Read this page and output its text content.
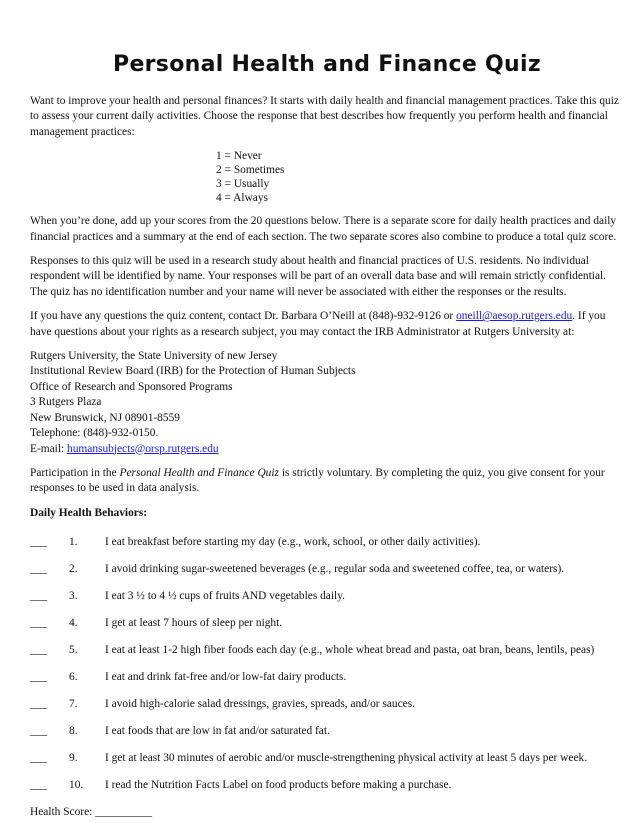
Personal Health and Finance Quiz

Want to improve your health and personal finances? It starts with daily health and financial management practices. Take this quiz to assess your current daily activities. Choose the response that best describes how frequently you perform health and financial management practices:

1 = Never
2 = Sometimes
3 = Usually
4 = Always

When you’re done, add up your scores from the 20 questions below. There is a separate score for daily health practices and daily financial practices and a summary at the end of each section. The two separate scores also combine to produce a total quiz score.

Responses to this quiz will be used in a research study about health and financial practices of U.S. residents. No individual respondent will be identified by name. Your responses will be part of an overall data base and will remain strictly confidential. The quiz has no identification number and your name will never be associated with either the responses or the results.

If you have any questions the quiz content, contact Dr. Barbara O’Neill at (848)-932-9126 or oneill@aesop.rutgers.edu. If you have questions about your rights as a research subject, you may contact the IRB Administrator at Rutgers University at:

Rutgers University, the State University of new Jersey
Institutional Review Board (IRB) for the Protection of Human Subjects
Office of Research and Sponsored Programs
3 Rutgers Plaza
New Brunswick, NJ 08901-8559
Telephone: (848)-932-0150.
E-mail: humansubjects@orsp.rutgers.edu

Participation in the Personal Health and Finance Quiz is strictly voluntary. By completing the quiz, you give consent for your responses to be used in data analysis.

Daily Health Behaviors:
___	1.	I eat breakfast before starting my day (e.g., work, school, or other daily activities).
___	2.	I avoid drinking sugar-sweetened beverages (e.g., regular soda and sweetened coffee, tea, or waters).
___	3.	I eat 3 ½ to 4 ½ cups of fruits AND vegetables daily.
___	4.	I get at least 7 hours of sleep per night.
___	5.	I eat at least 1-2 high fiber foods each day (e.g., whole wheat bread and pasta, oat bran, beans, lentils, peas)
___	6.	I eat and drink fat-free and/or low-fat dairy products.
___	7.	I avoid high-calorie salad dressings, gravies, spreads, and/or sauces.
___	8.	I eat foods that are low in fat and/or saturated fat.
___	9.	I get at least 30 minutes of aerobic and/or muscle-strengthening physical activity at least 5 days per week.
___	10.	I read the Nutrition Facts Label on food products before making a purchase.
Health Score: __________
